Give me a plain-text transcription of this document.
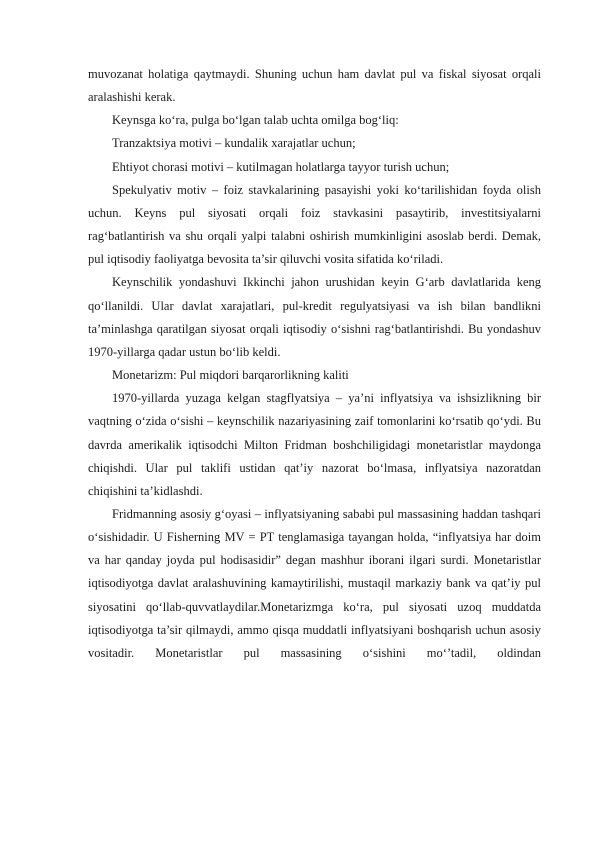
muvozanat holatiga qaytmaydi. Shuning uchun ham davlat pul va fiskal siyosat orqali aralashishi kerak.

Keynsga ko‘ra, pulga bo‘lgan talab uchta omilga bog‘liq:

Tranzaktsiya motivi – kundalik xarajatlar uchun;

Ehtiyot chorasi motivi – kutilmagan holatlarga tayyor turish uchun;

Spekulyativ motiv – foiz stavkalarining pasayishi yoki ko‘tarilishidan foyda olish uchun. Keyns pul siyosati orqali foiz stavkasini pasaytirib, investitsiyalarni rag‘batlantirish va shu orqali yalpi talabni oshirish mumkinligini asoslab berdi. Demak, pul iqtisodiy faoliyatga bevosita ta’sir qiluvchi vosita sifatida ko‘riladi.

Keynschilik yondashuvi Ikkinchi jahon urushidan keyin G‘arb davlatlarida keng qo‘llanildi. Ular davlat xarajatlari, pul-kredit regulyatsiyasi va ish bilan bandlikni ta’minlashga qaratilgan siyosat orqali iqtisodiy o‘sishni rag‘batlantirishdi. Bu yondashuv 1970-yillarga qadar ustun bo‘lib keldi.

Monetarizm: Pul miqdori barqarorlikning kaliti

1970-yillarda yuzaga kelgan stagflyatsiya – ya’ni inflyatsiya va ishsizlikning bir vaqtning o‘zida o‘sishi – keynschilik nazariyasining zaif tomonlarini ko‘rsatib qo‘ydi. Bu davrda amerikalik iqtisodchi Milton Fridman boshchiligidagi monetaristlar maydonga chiqishdi. Ular pul taklifi ustidan qat’iy nazorat bo‘lmasa, inflyatsiya nazoratdan chiqishini ta’kidlashdi.

Fridmanning asosiy g‘oyasi – inflyatsiyaning sababi pul massasining haddan tashqari o‘sishidadir. U Fisherning MV = PT tenglamasiga tayangan holda, “inflyatsiya har doim va har qanday joyda pul hodisasidir” degan mashhur iborani ilgari surdi. Monetaristlar iqtisodiyotga davlat aralashuvining kamaytirilishi, mustaqil markaziy bank va qat’iy pul siyosatini qo‘llab-quvvatlaydilar.Monetarizmga ko‘ra, pul siyosati uzoq muddatda iqtisodiyotga ta’sir qilmaydi, ammo qisqa muddatli inflyatsiyani boshqarish uchun asosiy vositadir. Monetaristlar pul massasining o‘sishini mo‘’tadil, oldindan
